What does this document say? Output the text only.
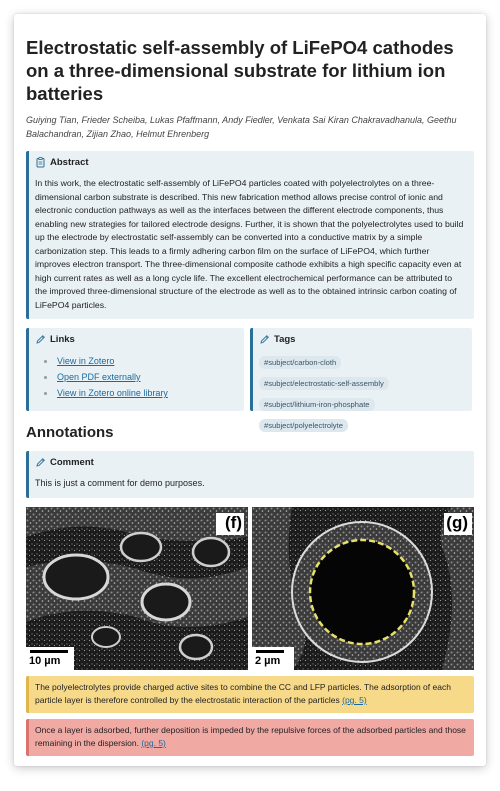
Electrostatic self-assembly of LiFePO4 cathodes on a three-dimensional substrate for lithium ion batteries
Guiying Tian, Frieder Scheiba, Lukas Pfaffmann, Andy Fiedler, Venkata Sai Kiran Chakravadhanula, Geethu Balachandran, Zijian Zhao, Helmut Ehrenberg
Abstract
In this work, the electrostatic self-assembly of LiFePO4 particles coated with polyelectrolytes on a three-dimensional carbon substrate is described. This new fabrication method allows precise control of ionic and electronic conduction pathways as well as the interfaces between the different electrode components, thus enabling new strategies for tailored electrode designs. Further, it is shown that the polyelectrolytes used to build up the electrode by electrostatic self-assembly can be converted into a conductive matrix by a simple carbonization step. This leads to a firmly adhering carbon film on the surface of LiFePO4, which further improves electron transport. The three-dimensional composite cathode exhibits a high specific capacity even at high current rates as well as a long cycle life. The excellent electrochemical performance can be attributed to the improved three-dimensional structure of the electrode as well as to the obtained intrinsic carbon coating of LiFePO4 particles.
Links
View in Zotero
Open PDF externally
View in Zotero online library
Tags
#subject/carbon-cloth
#subject/electrostatic-self-assembly
#subject/lithium-iron-phosphate
#subject/polyelectrolyte
Annotations
Comment
This is just a comment for demo purposes.
(f)
10 µm
(g)
2 µm
The polyelectrolytes provide charged active sites to combine the CC and LFP particles. The adsorption of each particle layer is therefore controlled by the electrostatic interaction of the particles (pg. 5)
Once a layer is adsorbed, further deposition is impeded by the repulsive forces of the adsorbed particles and those remaining in the dispersion. (pg. 5)
